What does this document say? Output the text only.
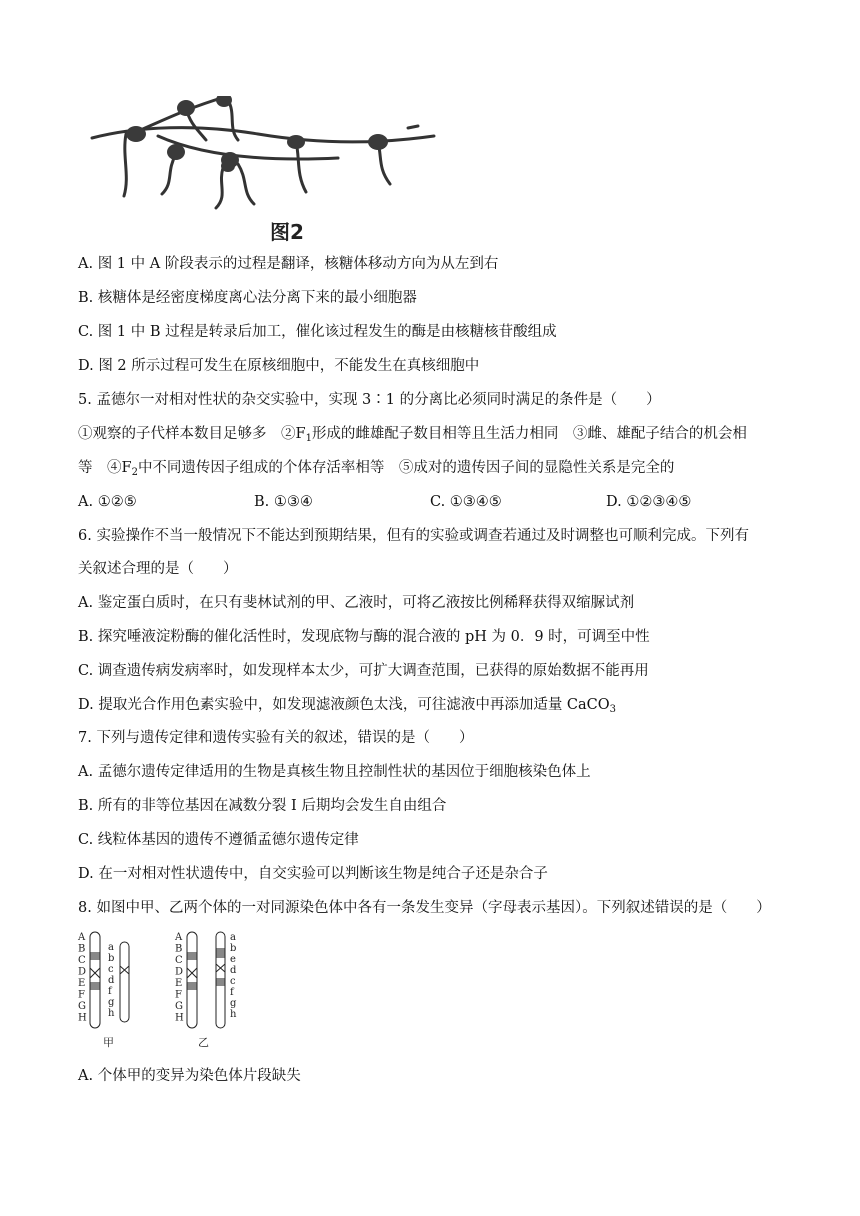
图2
A. 图 1 中 A 阶段表示的过程是翻译，核糖体移动方向为从左到右
B. 核糖体是经密度梯度离心法分离下来的最小细胞器
C. 图 1 中 B 过程是转录后加工，催化该过程发生的酶是由核糖核苷酸组成
D. 图 2 所示过程可发生在原核细胞中，不能发生在真核细胞中
5. 孟德尔一对相对性状的杂交实验中，实现 3∶1 的分离比必须同时满足的条件是（　　）
①观察的子代样本数目足够多　$②F_1$形成的雌雄配子数目相等且生活力相同　③雌、雄配子结合的机会相
等　$④F_2$中不同遗传因子组成的个体存活率相等　⑤成对的遗传因子间的显隐性关系是完全的
A. ①②⑤	B. ①③④	C. ①③④⑤	D. ①②③④⑤
6. 实验操作不当一般情况下不能达到预期结果，但有的实验或调查若通过及时调整也可顺利完成。下列有
关叙述合理的是（　　）
A. 鉴定蛋白质时，在只有斐林试剂的甲、乙液时，可将乙液按比例稀释获得双缩脲试剂
B. 探究唾液淀粉酶的催化活性时，发现底物与酶的混合液的 pH 为 0．9 时，可调至中性
C. 调查遗传病发病率时，如发现样本太少，可扩大调查范围，已获得的原始数据不能再用
D. 提取光合作用色素实验中，如发现滤液颜色太浅，可往滤液中再添加适量 CaCO$_3$
7. 下列与遗传定律和遗传实验有关的叙述，错误的是（　　）
A. 孟德尔遗传定律适用的生物是真核生物且控制性状的基因位于细胞核染色体上
B. 所有的非等位基因在减数分裂 I 后期均会发生自由组合
C. 线粒体基因的遗传不遵循孟德尔遗传定律
D. 在一对相对性状遗传中，自交实验可以判断该生物是纯合子还是杂合子
8. 如图中甲、乙两个体的一对同源染色体中各有一条发生变异（字母表示基因）。下列叙述错误的是（　　）
A
B
C
D
E
F
G
H
a
b
c
d
f
g
h
A
B
C
D
E
F
G
H
a
b
e
d
c
f
g
h
甲	乙
A. 个体甲的变异为染色体片段缺失
